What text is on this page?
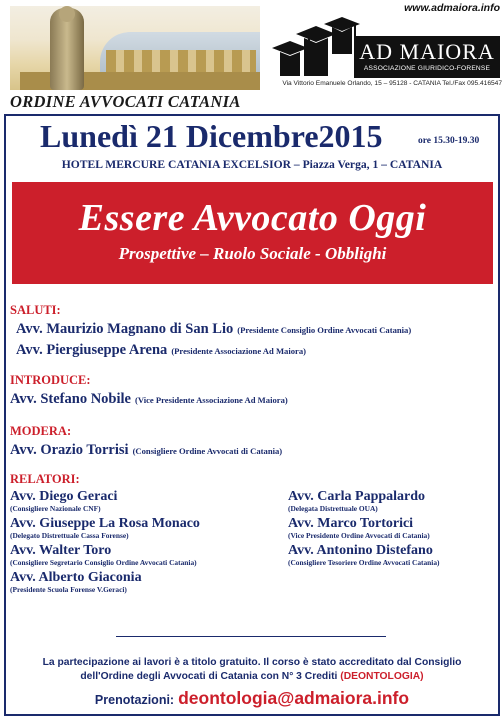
www.admaiora.info
AD MAIORA
ASSOCIAZIONE GIURIDICO-FORENSE
Via Vittorio Emanuele Orlando, 15 – 95128 - CATANIA Tel./Fax 095.416547
ORDINE AVVOCATI CATANIA
Lunedì 21 Dicembre2015	ore 15.30-19.30
HOTEL MERCURE CATANIA EXCELSIOR – Piazza Verga, 1 – CATANIA
Essere Avvocato Oggi
Prospettive – Ruolo Sociale - Obblighi
SALUTI:
Avv. Maurizio Magnano di San Lio (Presidente Consiglio Ordine Avvocati Catania)
Avv. Piergiuseppe Arena (Presidente Associazione Ad Maiora)
INTRODUCE:
Avv. Stefano Nobile (Vice Presidente Associazione Ad Maiora)
MODERA:
Avv. Orazio Torrisi (Consigliere Ordine Avvocati di Catania)
RELATORI:
Avv. Diego Geraci
(Consigliere Nazionale CNF)
Avv. Giuseppe La Rosa Monaco
(Delegato Distrettuale Cassa Forense)
Avv. Walter Toro
(Consigliere Segretario Consiglio Ordine Avvocati Catania)
Avv. Alberto Giaconia
(Presidente Scuola Forense V.Geraci)
Avv. Carla Pappalardo
(Delegata Distrettuale OUA)
Avv. Marco Tortorici
(Vice Presidente Ordine Avvocati di Catania)
Avv. Antonino Distefano
(Consigliere Tesoriere Ordine Avvocati Catania)
La partecipazione ai lavori è a titolo gratuito. Il corso è stato accreditato dal Consiglio
dell'Ordine degli Avvocati di Catania con N° 3 Crediti (DEONTOLOGIA)
Prenotazioni: deontologia@admaiora.info
